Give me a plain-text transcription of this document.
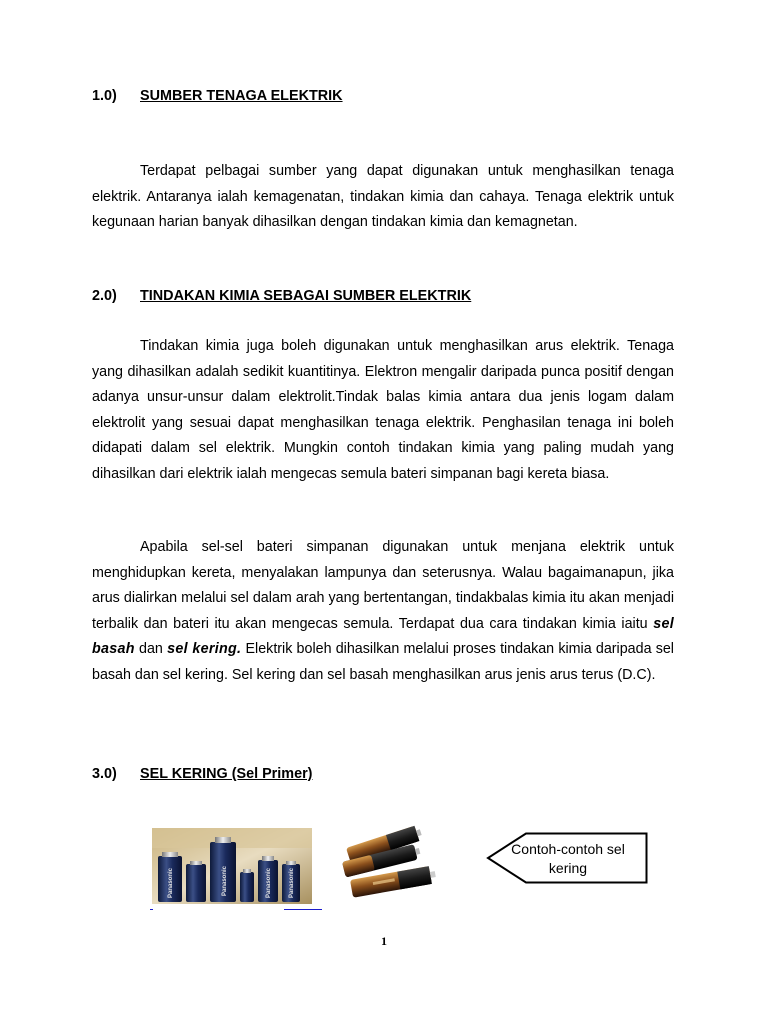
1.0)	SUMBER TENAGA ELEKTRIK

Terdapat pelbagai sumber yang dapat digunakan untuk menghasilkan tenaga elektrik. Antaranya ialah kemagenatan, tindakan kimia dan cahaya. Tenaga elektrik untuk kegunaan harian banyak dihasilkan dengan tindakan kimia dan kemagnetan.

2.0)	TINDAKAN KIMIA SEBAGAI SUMBER ELEKTRIK

Tindakan kimia juga boleh digunakan untuk menghasilkan arus elektrik. Tenaga yang dihasilkan adalah sedikit kuantitinya. Elektron mengalir daripada punca positif dengan adanya unsur-unsur dalam elektrolit.Tindak balas kimia antara dua jenis logam dalam elektrolit yang sesuai dapat menghasilkan tenaga elektrik. Penghasilan tenaga ini boleh didapati dalam sel elektrik. Mungkin contoh tindakan kimia yang paling mudah yang dihasilkan dari elektrik ialah mengecas semula bateri simpanan bagi kereta biasa.

Apabila sel-sel bateri simpanan digunakan untuk menjana elektrik untuk menghidupkan kereta, menyalakan lampunya dan seterusnya. Walau bagaimanapun, jika arus dialirkan melalui sel dalam arah yang bertentangan, tindakbalas kimia itu akan menjadi terbalik dan bateri itu akan mengecas semula. Terdapat dua cara tindakan kimia iaitu sel basah dan sel kering. Elektrik boleh dihasilkan melalui proses tindakan kimia daripada sel basah dan sel kering. Sel kering dan sel basah menghasilkan arus jenis arus terus (D.C).

3.0)	SEL KERING (Sel Primer)
Panasonic	Panasonic	Panasonic	Panasonic
Contoh-contoh sel kering
1
